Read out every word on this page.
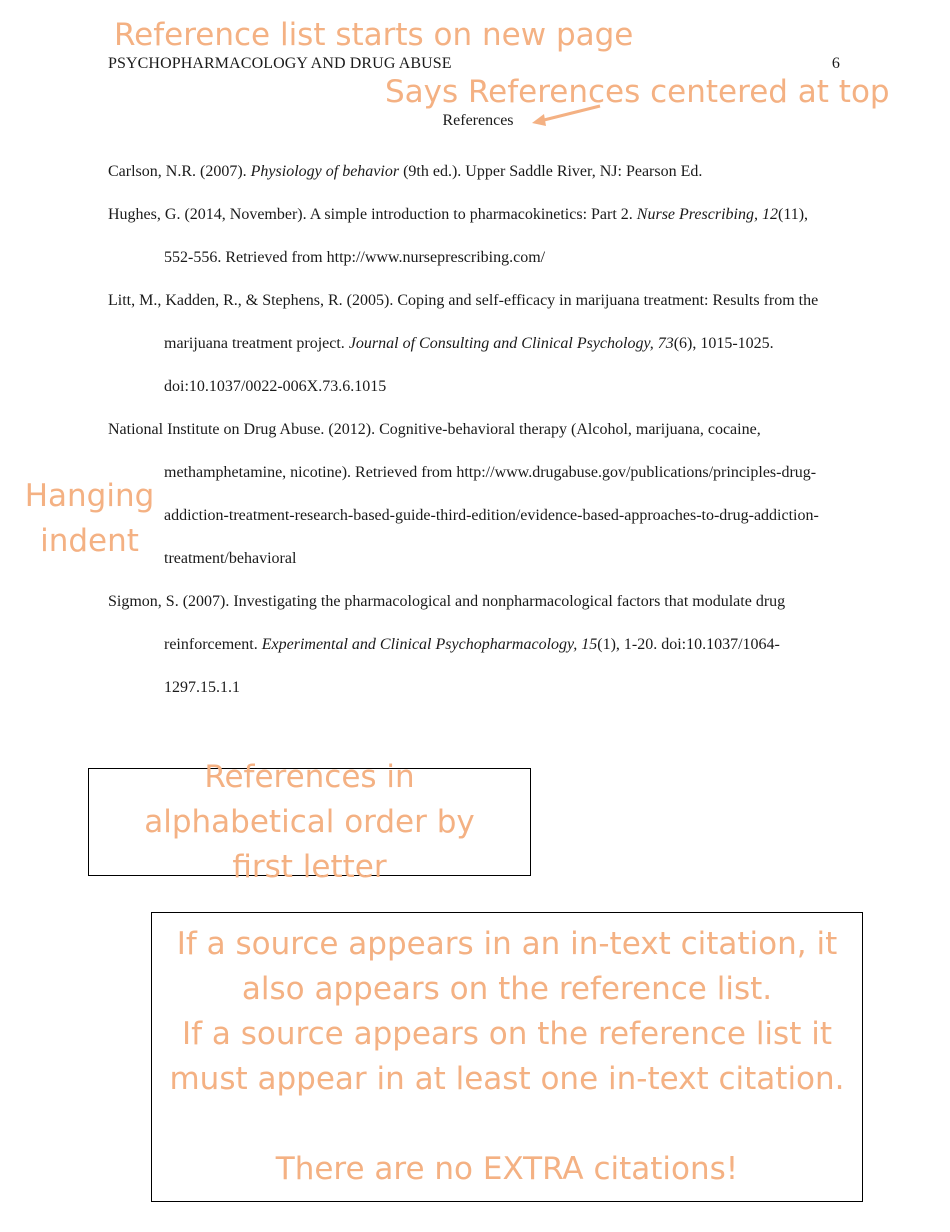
Reference list starts on new page
PSYCHOPHARMACOLOGY AND DRUG ABUSE	6
Says References centered at top
References

Carlson, N.R. (2007). Physiology of behavior (9th ed.). Upper Saddle River, NJ: Pearson Ed.

Hughes, G. (2014, November). A simple introduction to pharmacokinetics: Part 2. Nurse Prescribing, 12(11), 552-556. Retrieved from http://www.nurseprescribing.com/

Litt, M., Kadden, R., & Stephens, R. (2005). Coping and self-efficacy in marijuana treatment: Results from the marijuana treatment project. Journal of Consulting and Clinical Psychology, 73(6), 1015-1025. doi:10.1037/0022-006X.73.6.1015

National Institute on Drug Abuse. (2012). Cognitive-behavioral therapy (Alcohol, marijuana, cocaine, methamphetamine, nicotine). Retrieved from http://www.drugabuse.gov/publications/principles-drug-addiction-treatment-research-based-guide-third-edition/evidence-based-approaches-to-drug-addiction-treatment/behavioral

Sigmon, S. (2007). Investigating the pharmacological and nonpharmacological factors that modulate drug reinforcement. Experimental and Clinical Psychopharmacology, 15(1), 1-20. doi:10.1037/1064-1297.15.1.1

Hanging indent
References in alphabetical order by first letter
If a source appears in an in-text citation, it also appears on the reference list.
If a source appears on the reference list it must appear in at least one in-text citation.
There are no EXTRA citations!
